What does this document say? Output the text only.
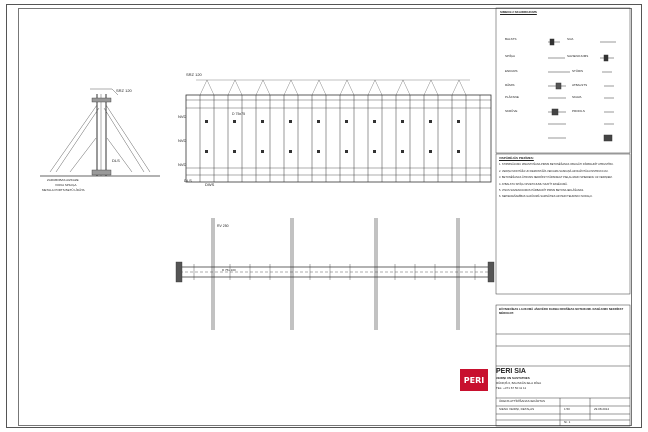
SRZ 120
DLS
ZARUBOBAS AIZKAZE
VOKIA SPILIĢA
METALA PORTS BETŪ LĪDĀTA
SRZ 120
NVD
NVD
NVD
DLS
DWS
D 75x75
RV 250
D 75x 100
SIMBOLU SKAIDROJUMS
BALSTS	SIJA
SPIĪĢA	SAVIENOJUMS
ENKURS	STŪRIS
RĀMIS	ATBALSTS
PLĀKSNE	SKAVA
SKRŪVE	PROFILS

VISPĀRĒJĀS PIEZĪMES:

1. STIPRINĀJUMU IZMANTOŠANA PIRMS BETONĒŠANAS OBLIGĀTI PĀRBAUDĪT ATBILSTĪBU.

2. VEIDŅU MONTĀŽA UN DEMONTĀŽA VEICAMA SASKAŅĀ AR RAŽOTĀJA INSTRUKCIJU.

3. BETONĒŠANAS ĀTRUMS NEDRĪKST PĀRSNIEGT PIEĻAUJAMO SPIEDIENU UZ VEIDŅIEM.

4. ATBALSTU SPIĪĢU IZVIETOJUMU SKATĪT RASĒJUMĀ.

5. VISUS SAVIENOJUMUS PĀRBAUDĪT PIRMS BETONA IEKLĀŠANAS.

6. NEPIECIEŠAMĪBAS GADĪJUMĀ SAZINĀTIES AR PERI TEHNISKO NODAĻU.

BŪVNIECĪBAS LAUKUMĀ JĀIEVĒRO DARBA DROŠĪBAS NOTEIKUMI. RASĒJUMU NEDRĪKST MĒROGOT.
PERI
PERI SIA
VEIDŅI UN SASTATNES
RŪDIŅŠ 6, BAUSKĀS IELA RĪGA
TEL: +371 67 50 11 11
ŪDENS ATTĪRĪŠANAS IEKĀRTAS
SIENU VEIDŅI, DETAĻAS	1:50	29.08.2014
Nr. 1
